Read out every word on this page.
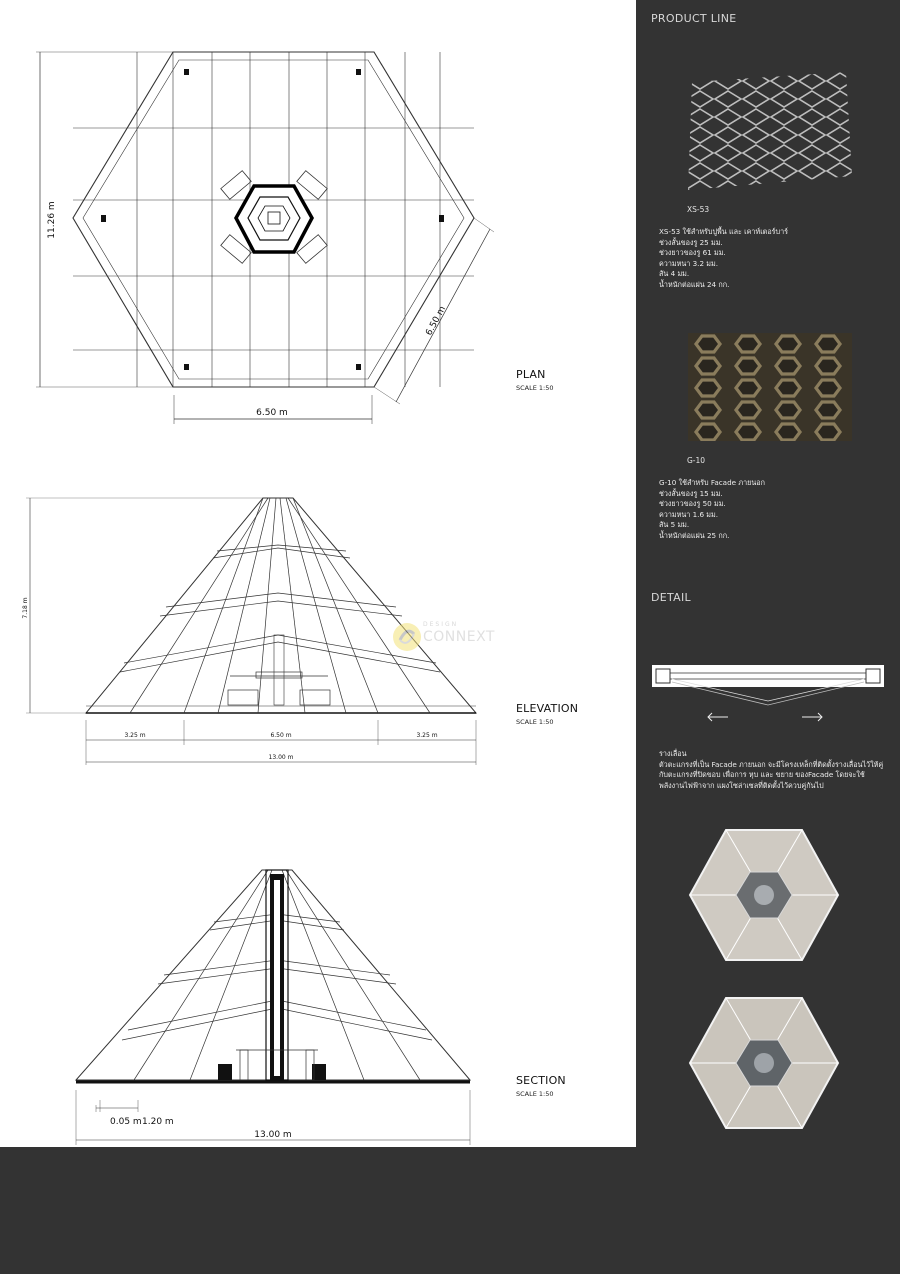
11.26 m
6.50 m
6.50 m
7.18 m
3.25 m	6.50 m	3.25 m
13.00 m
0.05 m 1.20 m
13.00 m
PLAN
SCALE 1:50
ELEVATION
SCALE 1:50
SECTION
SCALE 1:50
DESIGN
CONNEXT
PRODUCT LINE
XS-53
XS-53 ใช้สำหรับปูพื้น และ เคาท์เตอร์บาร์
ช่วงสั้นของรู 25 มม.
ช่วงยาวของรู 61 มม.
ความหนา 3.2 มม.
สัน 4 มม.
น้ำหนักต่อแผ่น 24 กก.
G-10
G-10 ใช้สำหรับ Facade ภายนอก
ช่วงสั้นของรู 15 มม.
ช่วงยาวของรู 50 มม.
ความหนา 1.6 มม.
สัน 5 มม.
น้ำหนักต่อแผ่น 25 กก.
DETAIL
รางเลื่อน
ตัวตะแกรงที่เป็น Facade ภายนอก จะมีโครงเหล็กที่ติดตั้งรางเลื่อนไว้ให้คู่
กับตะแกรงที่ปิดขอบ เพื่อการ หุบ และ ขยาย ของFacade โดยจะใช้
พลังงานไฟฟ้าจาก แผงโซล่าเซลที่ติดตั้งไว้ควบคู่กันไป
